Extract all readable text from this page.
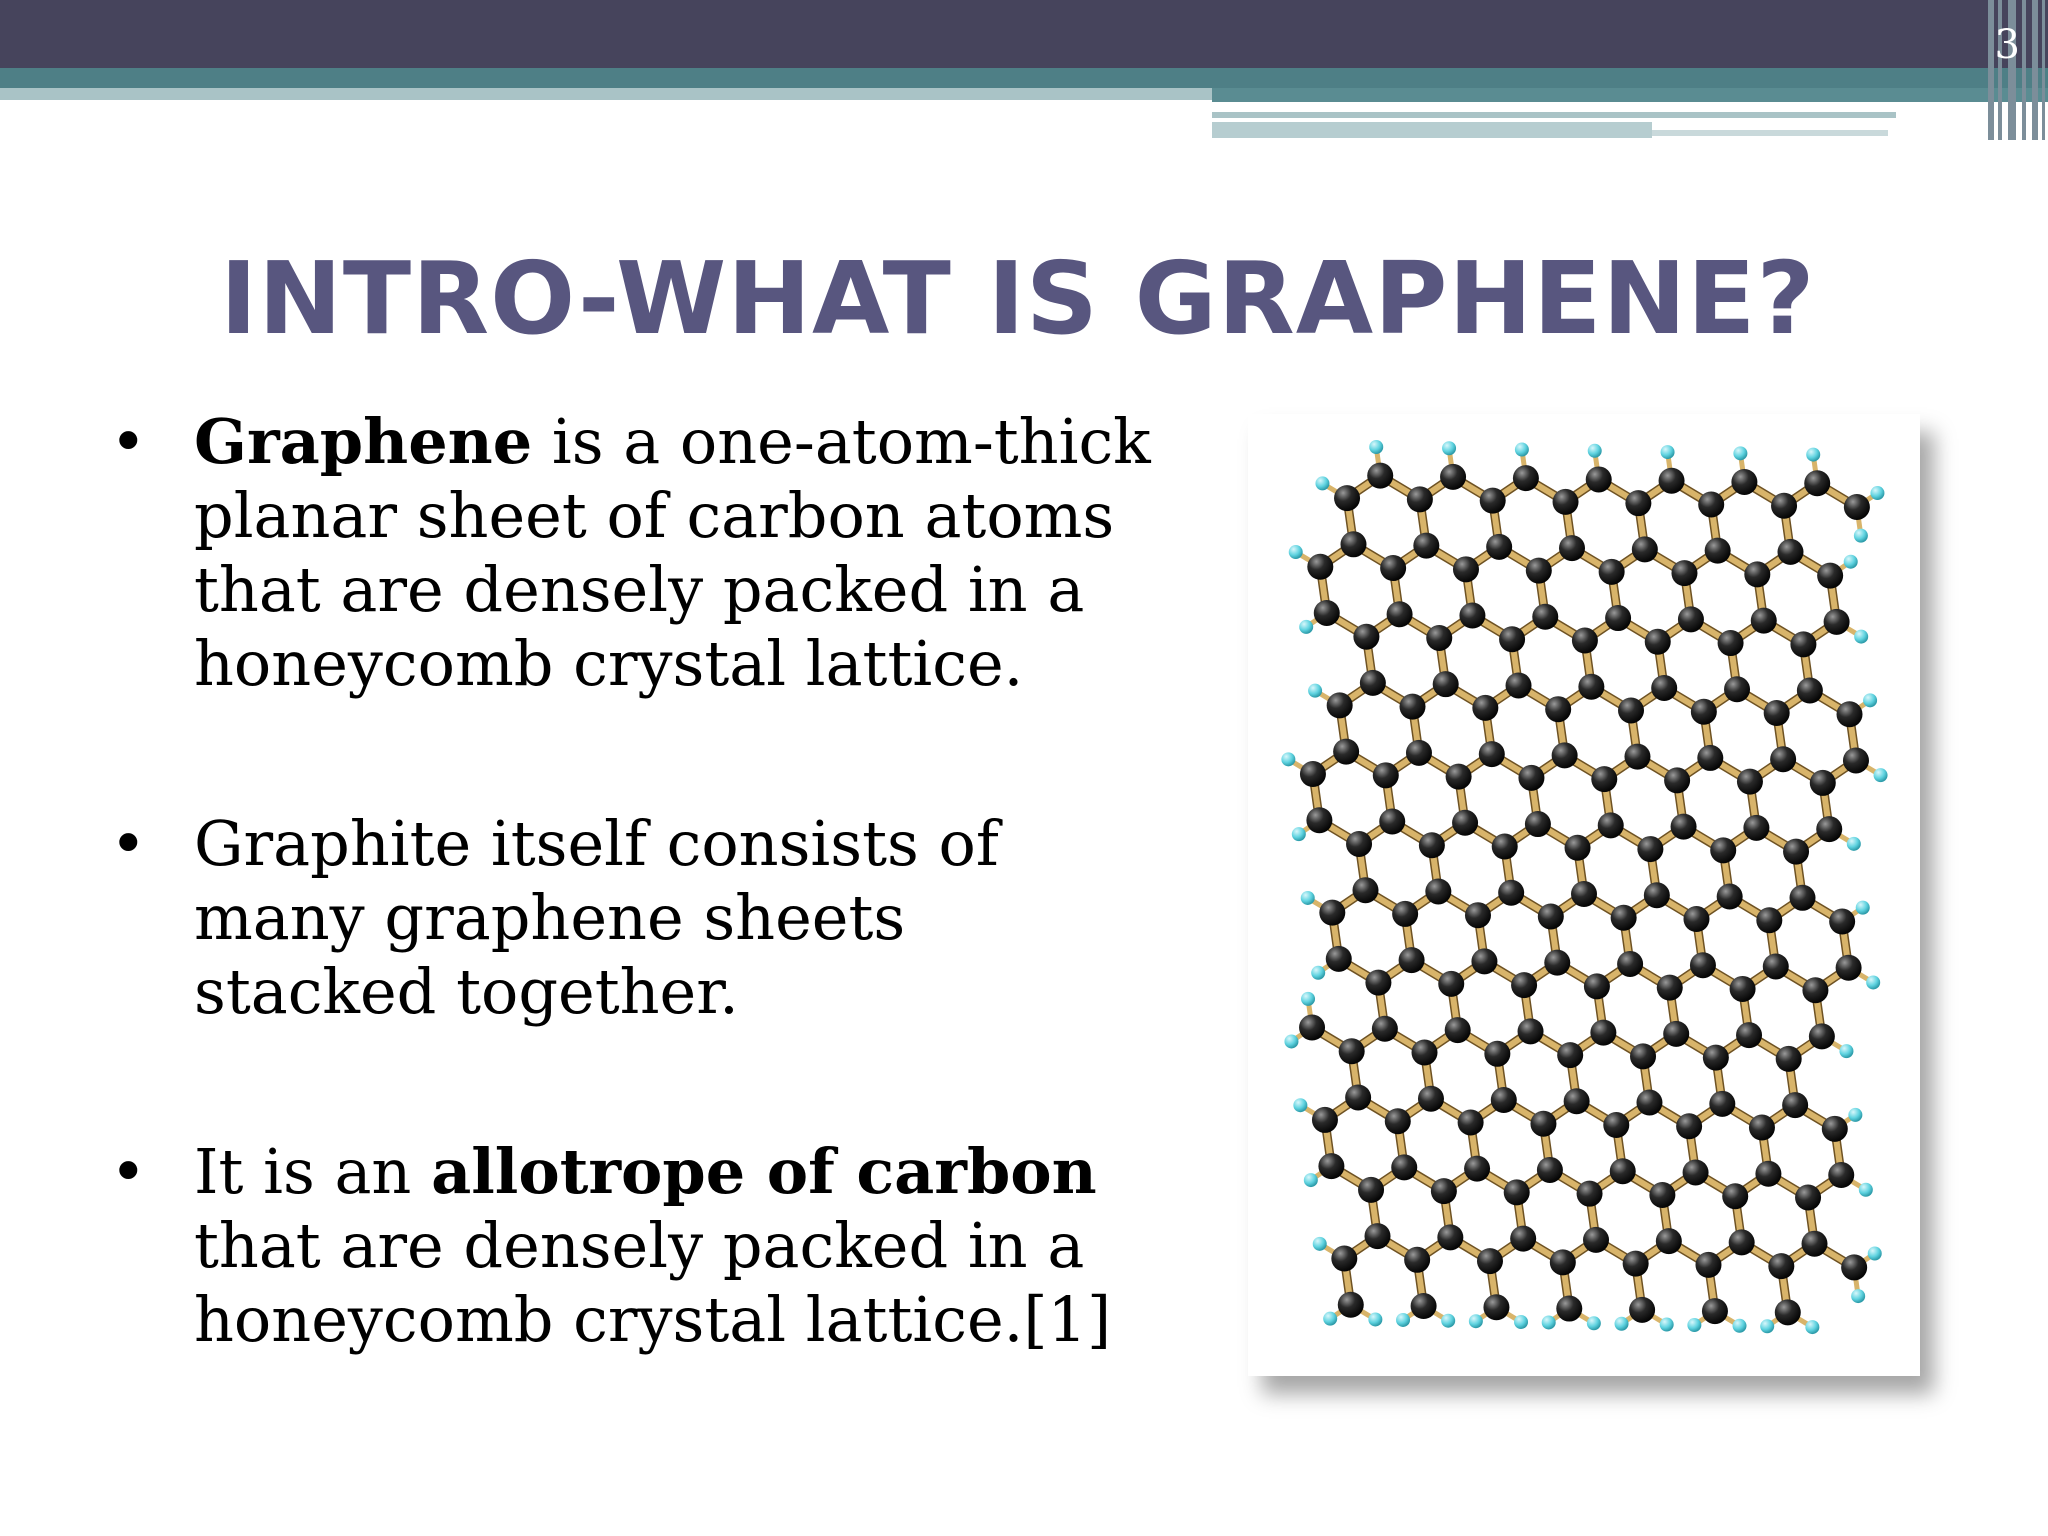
3
INTRO-WHAT IS GRAPHENE?
• Graphene is a one-atom-thick planar sheet of carbon atoms that are densely packed in a honeycomb crystal lattice.
• Graphite itself consists of many graphene sheets stacked together.
• It is an allotrope of carbon that are densely packed in a honeycomb crystal lattice.[1]
